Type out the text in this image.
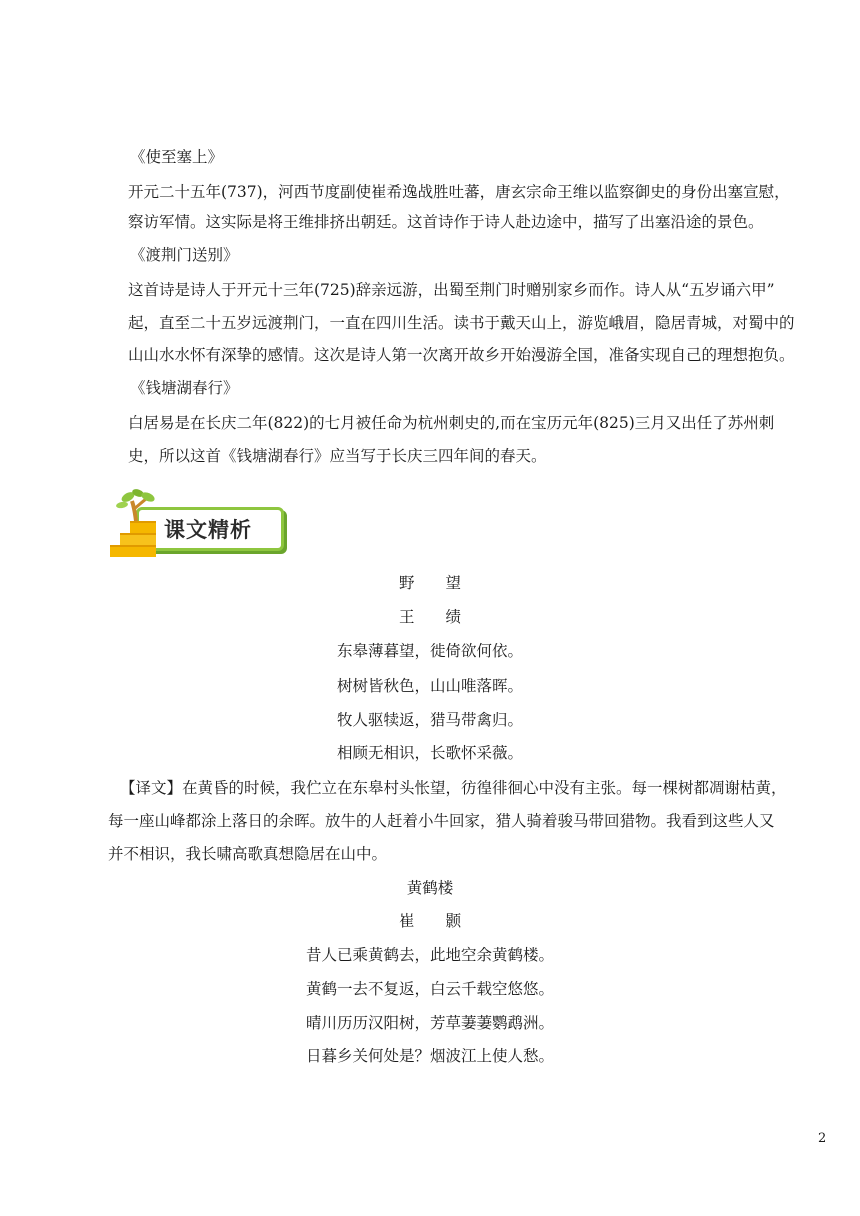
《使至塞上》
开元二十五年(737)，河西节度副使崔希逸战胜吐蕃，唐玄宗命王维以监察御史的身份出塞宣慰，
察访军情。这实际是将王维排挤出朝廷。这首诗作于诗人赴边途中，描写了出塞沿途的景色。
《渡荆门送别》
这首诗是诗人于开元十三年(725)辞亲远游，出蜀至荆门时赠别家乡而作。诗人从“五岁诵六甲”
起，直至二十五岁远渡荆门，一直在四川生活。读书于戴天山上，游览峨眉，隐居青城，对蜀中的
山山水水怀有深挚的感情。这次是诗人第一次离开故乡开始漫游全国，准备实现自己的理想抱负。
《钱塘湖春行》
白居易是在长庆二年(822)的七月被任命为杭州刺史的,而在宝历元年(825)三月又出任了苏州刺
史，所以这首《钱塘湖春行》应当写于长庆三四年间的春天。
课文精析
野　　望
王　　绩
东皋薄暮望，徙倚欲何依。
树树皆秋色，山山唯落晖。
牧人驱犊返，猎马带禽归。
相顾无相识，长歌怀采薇。
【译文】在黄昏的时候，我伫立在东皋村头怅望，彷徨徘徊心中没有主张。每一棵树都凋谢枯黄，
每一座山峰都涂上落日的余晖。放牛的人赶着小牛回家，猎人骑着骏马带回猎物。我看到这些人又
并不相识，我长啸高歌真想隐居在山中。
黄鹤楼
崔　　颢
昔人已乘黄鹤去，此地空余黄鹤楼。
黄鹤一去不复返，白云千载空悠悠。
晴川历历汉阳树，芳草萋萋鹦鹉洲。
日暮乡关何处是？烟波江上使人愁。
2
